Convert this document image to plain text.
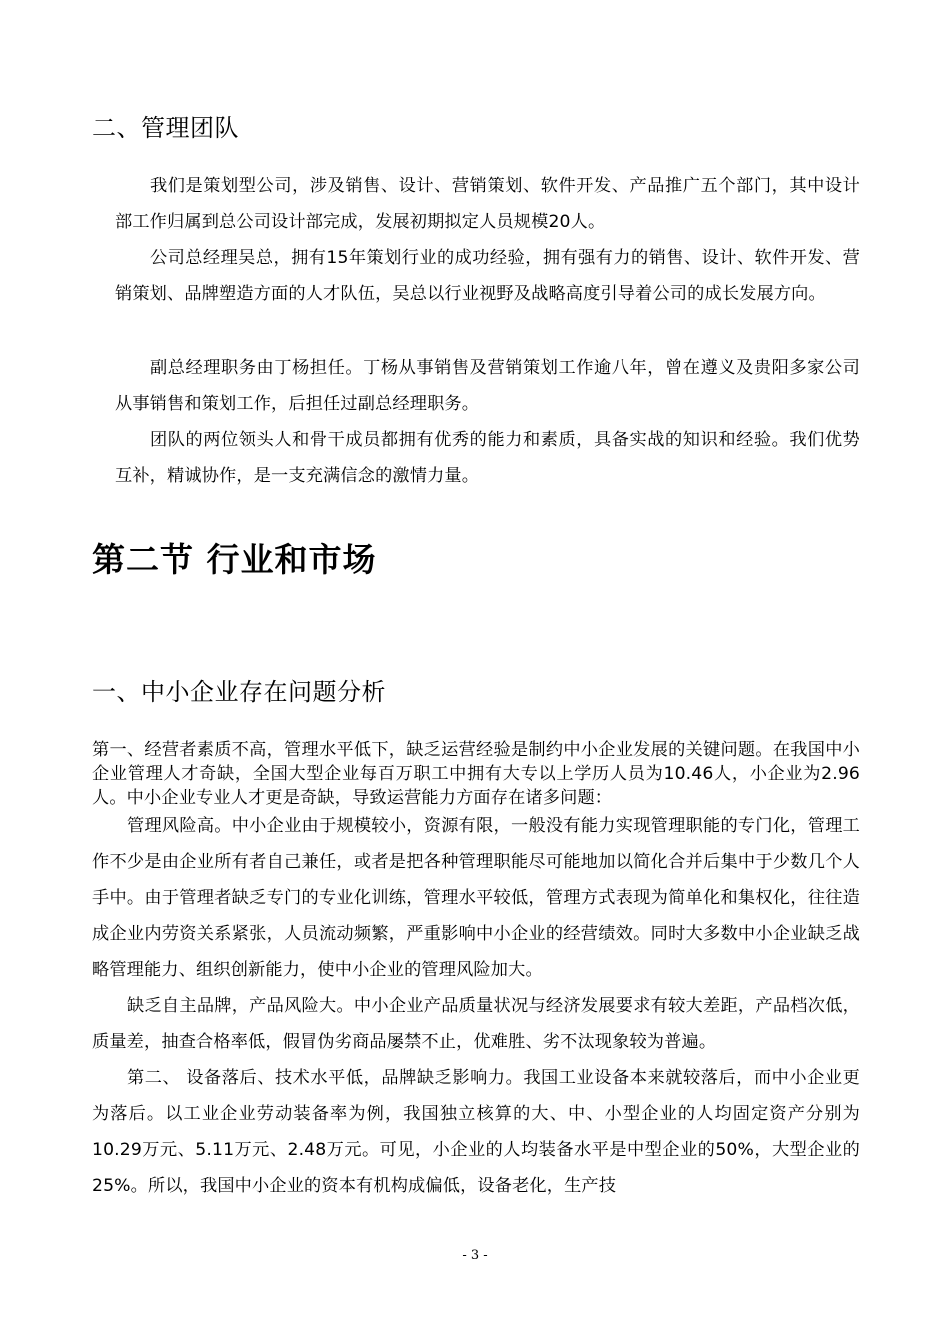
二、管理团队

我们是策划型公司，涉及销售、设计、营销策划、软件开发、产品推广五个部门，其中设计部工作归属到总公司设计部完成，发展初期拟定人员规模20人。

公司总经理吴总，拥有15年策划行业的成功经验，拥有强有力的销售、设计、软件开发、营销策划、品牌塑造方面的人才队伍，吴总以行业视野及战略高度引导着公司的成长发展方向。

副总经理职务由丁杨担任。丁杨从事销售及营销策划工作逾八年，曾在遵义及贵阳多家公司从事销售和策划工作，后担任过副总经理职务。

团队的两位领头人和骨干成员都拥有优秀的能力和素质，具备实战的知识和经验。我们优势互补，精诚协作，是一支充满信念的激情力量。

第二节 行业和市场
一、中小企业存在问题分析

第一、经营者素质不高，管理水平低下，缺乏运营经验是制约中小企业发展的关键问题。在我国中小企业管理人才奇缺，全国大型企业每百万职工中拥有大专以上学历人员为10.46人，小企业为2.96 人。中小企业专业人才更是奇缺，导致运营能力方面存在诸多问题：

管理风险高。中小企业由于规模较小，资源有限，一般没有能力实现管理职能的专门化，管理工作不少是由企业所有者自己兼任，或者是把各种管理职能尽可能地加以简化合并后集中于少数几个人手中。由于管理者缺乏专门的专业化训练，管理水平较低，管理方式表现为简单化和集权化，往往造成企业内劳资关系紧张，人员流动频繁，严重影响中小企业的经营绩效。同时大多数中小企业缺乏战略管理能力、组织创新能力，使中小企业的管理风险加大。

缺乏自主品牌，产品风险大。中小企业产品质量状况与经济发展要求有较大差距，产品档次低，质量差，抽查合格率低，假冒伪劣商品屡禁不止，优难胜、劣不汰现象较为普遍。

第二、 设备落后、技术水平低，品牌缺乏影响力。我国工业设备本来就较落后，而中小企业更为落后。以工业企业劳动装备率为例，我国独立核算的大、中、小型企业的人均固定资产分别为10.29万元、5.11万元、2.48万元。可见，小企业的人均装备水平是中型企业的50%，大型企业的25%。所以，我国中小企业的资本有机构成偏低，设备老化，生产技

- 3 -
